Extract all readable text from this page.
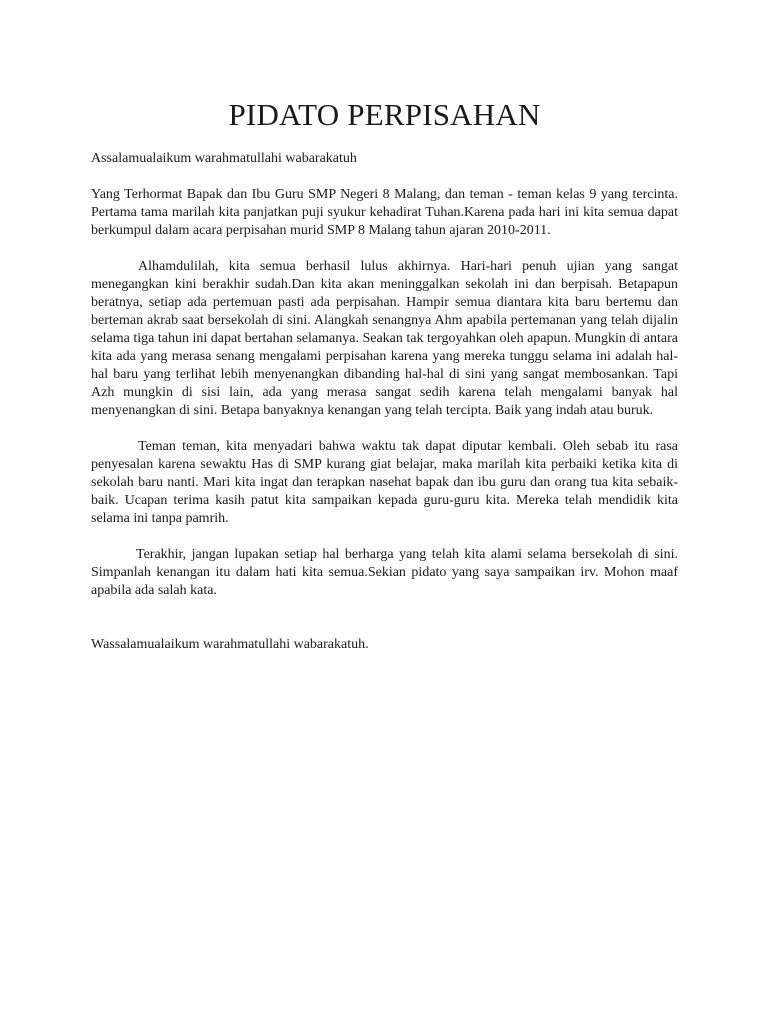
PIDATO PERPISAHAN

Assalamualaikum warahmatullahi wabarakatuh

Yang Terhormat Bapak dan Ibu Guru SMP Negeri 8 Malang, dan teman - teman kelas 9 yang tercinta. Pertama tama marilah kita panjatkan puji syukur kehadirat Tuhan.Karena pada hari ini kita semua dapat berkumpul dalam acara perpisahan murid SMP 8 Malang tahun ajaran 2010-2011.

Alhamdulilah, kita semua berhasil lulus akhirnya. Hari-hari penuh ujian yang sangat menegangkan kini berakhir sudah.Dan kita akan meninggalkan sekolah ini dan berpisah. Betapapun beratnya, setiap ada pertemuan pasti ada perpisahan. Hampir semua diantara kita baru bertemu dan berteman akrab saat bersekolah di sini. Alangkah senangnya Ahm apabila pertemanan yang telah dijalin selama tiga tahun ini dapat bertahan selamanya. Seakan tak tergoyahkan oleh apapun. Mungkin di antara kita ada yang merasa senang mengalami perpisahan karena yang mereka tunggu selama ini adalah hal-hal baru yang terlihat lebih menyenangkan dibanding hal-hal di sini yang sangat membosankan. Tapi Azh mungkin di sisi lain, ada yang merasa sangat sedih karena telah mengalami banyak hal menyenangkan di sini. Betapa banyaknya kenangan yang telah tercipta. Baik yang indah atau buruk.

Teman teman, kita menyadari bahwa waktu tak dapat diputar kembali. Oleh sebab itu rasa penyesalan karena sewaktu Has di SMP kurang giat belajar, maka marilah kita perbaiki ketika kita di sekolah baru nanti. Mari kita ingat dan terapkan nasehat bapak dan ibu guru dan orang tua kita sebaik-baik. Ucapan terima kasih patut kita sampaikan kepada guru-guru kita. Mereka telah mendidik kita selama ini tanpa pamrih.

Terakhir, jangan lupakan setiap hal berharga yang telah kita alami selama bersekolah di sini. Simpanlah kenangan itu dalam hati kita semua.Sekian pidato yang saya sampaikan irv. Mohon maaf apabila ada salah kata.

Wassalamualaikum warahmatullahi wabarakatuh.
